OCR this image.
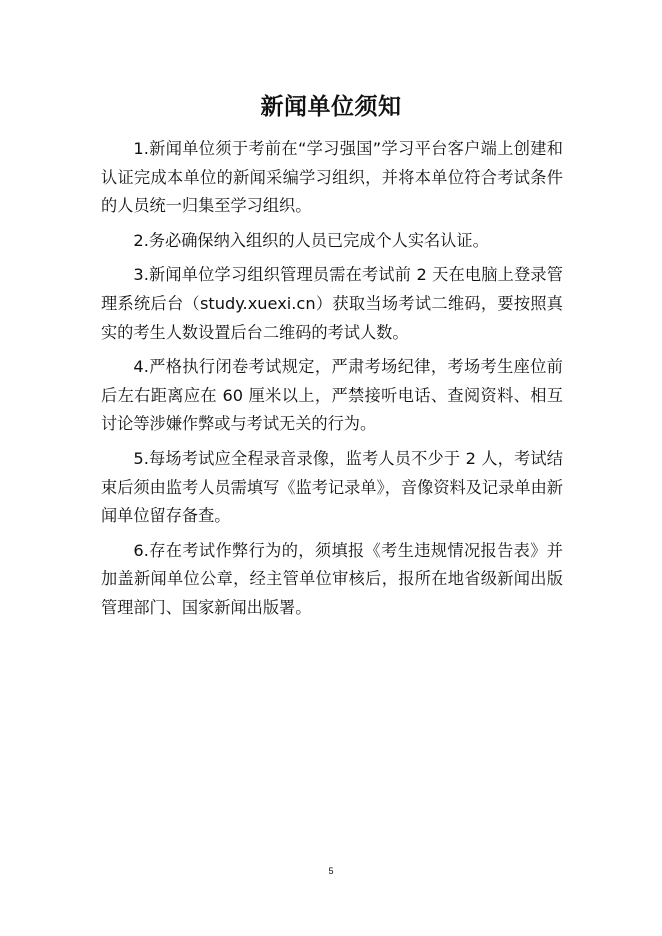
新闻单位须知

1.新闻单位须于考前在“学习强国”学习平台客户端上创建和认证完成本单位的新闻采编学习组织，并将本单位符合考试条件的人员统一归集至学习组织。

2.务必确保纳入组织的人员已完成个人实名认证。

3.新闻单位学习组织管理员需在考试前 2 天在电脑上登录管理系统后台（study.xuexi.cn）获取当场考试二维码，要按照真实的考生人数设置后台二维码的考试人数。

4.严格执行闭卷考试规定，严肃考场纪律，考场考生座位前后左右距离应在 60 厘米以上，严禁接听电话、查阅资料、相互讨论等涉嫌作弊或与考试无关的行为。

5.每场考试应全程录音录像，监考人员不少于 2 人，考试结束后须由监考人员需填写《监考记录单》，音像资料及记录单由新闻单位留存备查。

6.存在考试作弊行为的，须填报《考生违规情况报告表》并加盖新闻单位公章，经主管单位审核后，报所在地省级新闻出版管理部门、国家新闻出版署。

5
